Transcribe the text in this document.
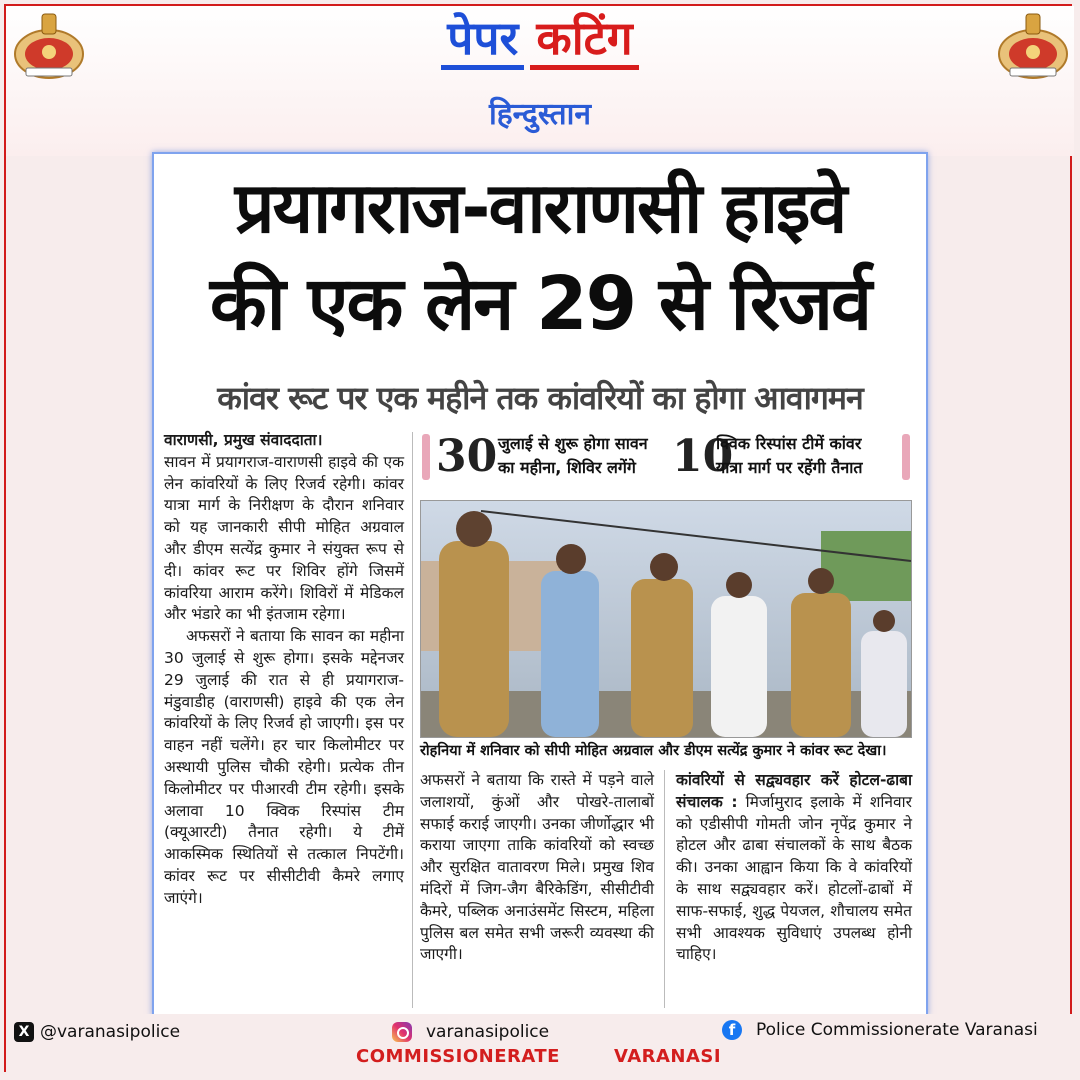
पेपर कटिंग
हिन्दुस्तान
प्रयागराज-वाराणसी हाइवे
की एक लेन 29 से रिजर्व
कांवर रूट पर एक महीने तक कांवरियों का होगा आवागमन
वाराणसी, प्रमुख संवाददाता।

सावन में प्रयागराज-वाराणसी हाइवे की एक लेन कांवरियों के लिए रिजर्व रहेगी। कांवर यात्रा मार्ग के निरीक्षण के दौरान शनिवार को यह जानकारी सीपी मोहित अग्रवाल और डीएम सत्येंद्र कुमार ने संयुक्त रूप से दी। कांवर रूट पर शिविर होंगे जिसमें कांवरिया आराम करेंगे। शिविरों में मेडिकल और भंडारे का भी इंतजाम रहेगा।

अफसरों ने बताया कि सावन का महीना 30 जुलाई से शुरू होगा। इसके मद्देनजर 29 जुलाई की रात से ही प्रयागराज-मंडुवाडीह (वाराणसी) हाइवे की एक लेन कांवरियों के लिए रिजर्व हो जाएगी। इस पर वाहन नहीं चलेंगे। हर चार किलोमीटर पर अस्थायी पुलिस चौकी रहेगी। प्रत्येक तीन किलोमीटर पर पीआरवी टीम रहेगी। इसके अलावा 10 क्विक रिस्पांस टीम (क्यूआरटी) तैनात रहेगी। ये टीमें आकस्मिक स्थितियों से तत्काल निपटेंगी। कांवर रूट पर सीसीटीवी कैमरे लगाए जाएंगे।

30 जुलाई से शुरू होगा सावन
का महीना, शिविर लगेंगे 10
क्विक रिस्पांस टीमें कांवर
यात्रा मार्ग पर रहेंगी तैनात
रोहनिया में शनिवार को सीपी मोहित अग्रवाल और डीएम सत्येंद्र कुमार ने कांवर रूट देखा।
अफसरों ने बताया कि रास्ते में पड़ने वाले जलाशयों, कुंओं और पोखरे-तालाबों सफाई कराई जाएगी। उनका जीर्णोद्धार भी कराया जाएगा ताकि कांवरियों को स्वच्छ और सुरक्षित वातावरण मिले। प्रमुख शिव मंदिरों में जिग-जैग बैरिकेडिंग, सीसीटीवी कैमरे, पब्लिक अनाउंसमेंट सिस्टम, महिला पुलिस बल समेत सभी जरूरी व्यवस्था की जाएगी।
कांवरियों से सद्व्यवहार करें होटल-ढाबा संचालक : मिर्जामुराद इलाके में शनिवार को एडीसीपी गोमती जोन नृपेंद्र कुमार ने होटल और ढाबा संचालकों के साथ बैठक की। उनका आह्वान किया कि वे कांवरियों के साथ सद्व्यवहार करें। होटलों-ढाबों में साफ-सफाई, शुद्ध पेयजल, शौचालय समेत सभी आवश्यक सुविधाएं उपलब्ध होनी चाहिए।
X @varanasipolice	varanasipolice	f	Police Commissionerate Varanasi
COMMISSIONERATE	VARANASI
